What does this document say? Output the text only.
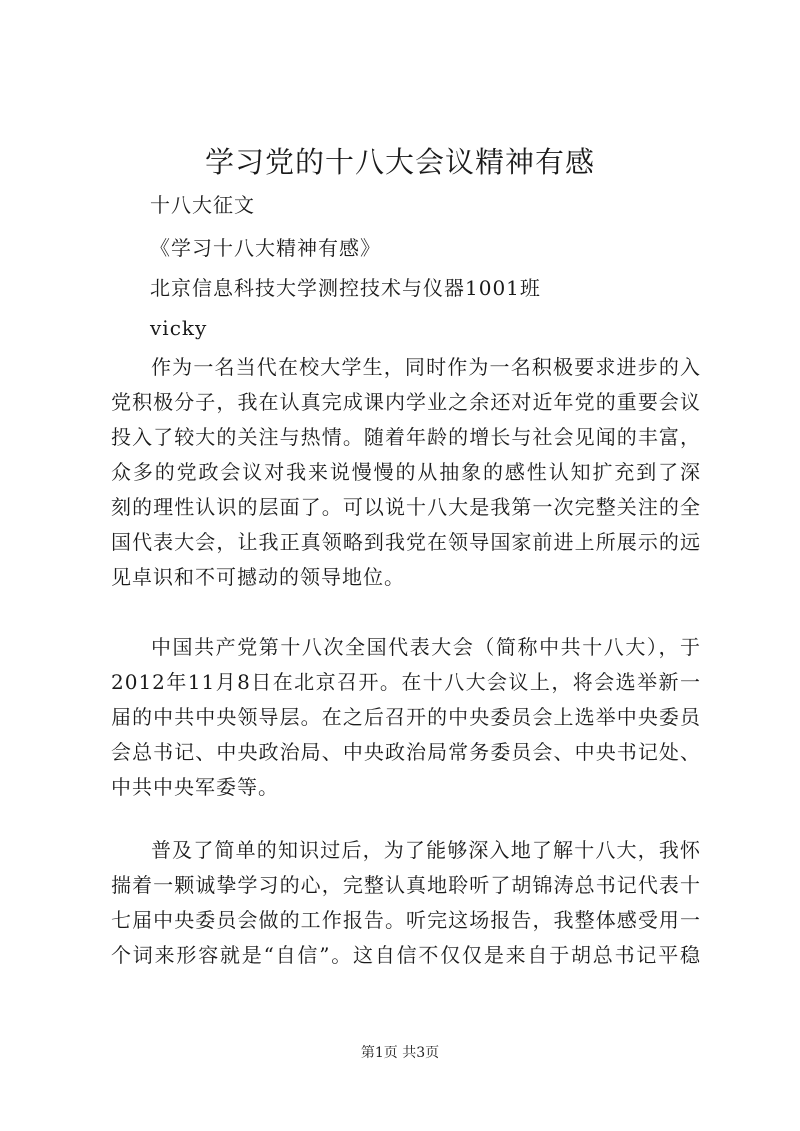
学习党的十八大会议精神有感
十八大征文
《学习十八大精神有感》
北京信息科技大学测控技术与仪器1001班
vicky
作为一名当代在校大学生，同时作为一名积极要求进步的入
党积极分子，我在认真完成课内学业之余还对近年党的重要会议
投入了较大的关注与热情。随着年龄的增长与社会见闻的丰富，
众多的党政会议对我来说慢慢的从抽象的感性认知扩充到了深
刻的理性认识的层面了。可以说十八大是我第一次完整关注的全
国代表大会，让我正真领略到我党在领导国家前进上所展示的远
见卓识和不可撼动的领导地位。
中国共产党第十八次全国代表大会（简称中共十八大），于
2012年11月8日在北京召开。在十八大会议上，将会选举新一
届的中共中央领导层。在之后召开的中央委员会上选举中央委员
会总书记、中央政治局、中央政治局常务委员会、中央书记处、
中共中央军委等。
普及了简单的知识过后，为了能够深入地了解十八大，我怀
揣着一颗诚挚学习的心，完整认真地聆听了胡锦涛总书记代表十
七届中央委员会做的工作报告。听完这场报告，我整体感受用一
个词来形容就是“自信”。这自信不仅仅是来自于胡总书记平稳
第1页 共3页
